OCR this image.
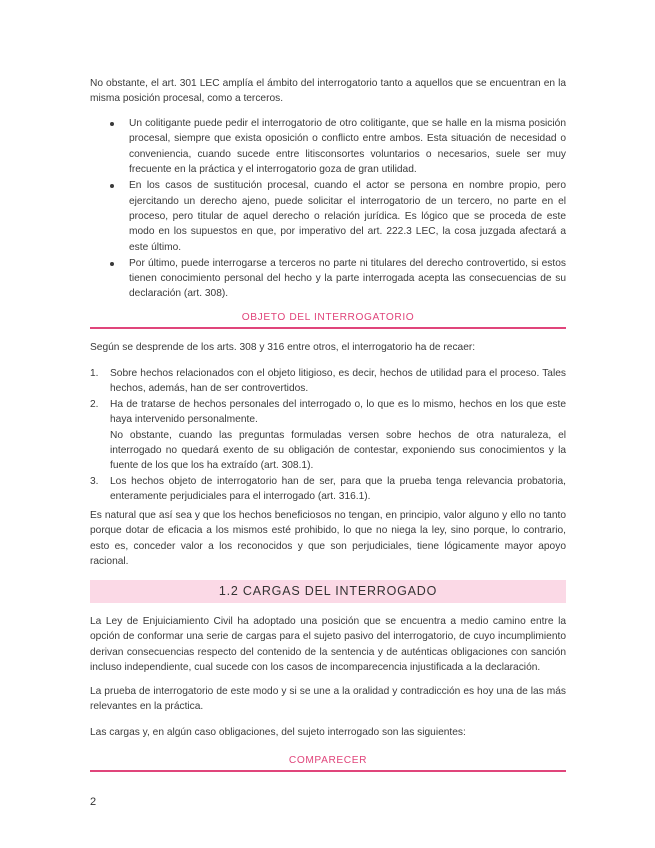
No obstante, el art. 301 LEC amplía el ámbito del interrogatorio tanto a aquellos que se encuentran en la misma posición procesal, como a terceros.

Un colitigante puede pedir el interrogatorio de otro colitigante, que se halle en la misma posición procesal, siempre que exista oposición o conflicto entre ambos. Esta situación de necesidad o conveniencia, cuando sucede entre litisconsortes voluntarios o necesarios, suele ser muy frecuente en la práctica y el interrogatorio goza de gran utilidad.
En los casos de sustitución procesal, cuando el actor se persona en nombre propio, pero ejercitando un derecho ajeno, puede solicitar el interrogatorio de un tercero, no parte en el proceso, pero titular de aquel derecho o relación jurídica. Es lógico que se proceda de este modo en los supuestos en que, por imperativo del art. 222.3 LEC, la cosa juzgada afectará a este último.
Por último, puede interrogarse a terceros no parte ni titulares del derecho controvertido, si estos tienen conocimiento personal del hecho y la parte interrogada acepta las consecuencias de su declaración (art. 308).
OBJETO DEL INTERROGATORIO

Según se desprende de los arts. 308 y 316 entre otros, el interrogatorio ha de recaer:

1. Sobre hechos relacionados con el objeto litigioso, es decir, hechos de utilidad para el proceso. Tales hechos, además, han de ser controvertidos.
2. Ha de tratarse de hechos personales del interrogado o, lo que es lo mismo, hechos en los que este haya intervenido personalmente.
No obstante, cuando las preguntas formuladas versen sobre hechos de otra naturaleza, el interrogado no quedará exento de su obligación de contestar, exponiendo sus conocimientos y la fuente de los que los ha extraído (art. 308.1).
3. Los hechos objeto de interrogatorio han de ser, para que la prueba tenga relevancia probatoria, enteramente perjudiciales para el interrogado (art. 316.1).

Es natural que así sea y que los hechos beneficiosos no tengan, en principio, valor alguno y ello no tanto porque dotar de eficacia a los mismos esté prohibido, lo que no niega la ley, sino porque, lo contrario, esto es, conceder valor a los reconocidos y que son perjudiciales, tiene lógicamente mayor apoyo racional.

1.2 CARGAS DEL INTERROGADO

La Ley de Enjuiciamiento Civil ha adoptado una posición que se encuentra a medio camino entre la opción de conformar una serie de cargas para el sujeto pasivo del interrogatorio, de cuyo incumplimiento derivan consecuencias respecto del contenido de la sentencia y de auténticas obligaciones con sanción incluso independiente, cual sucede con los casos de incomparecencia injustificada a la declaración.

La prueba de interrogatorio de este modo y si se une a la oralidad y contradicción es hoy una de las más relevantes en la práctica.

Las cargas y, en algún caso obligaciones, del sujeto interrogado son las siguientes:

COMPARECER
2
